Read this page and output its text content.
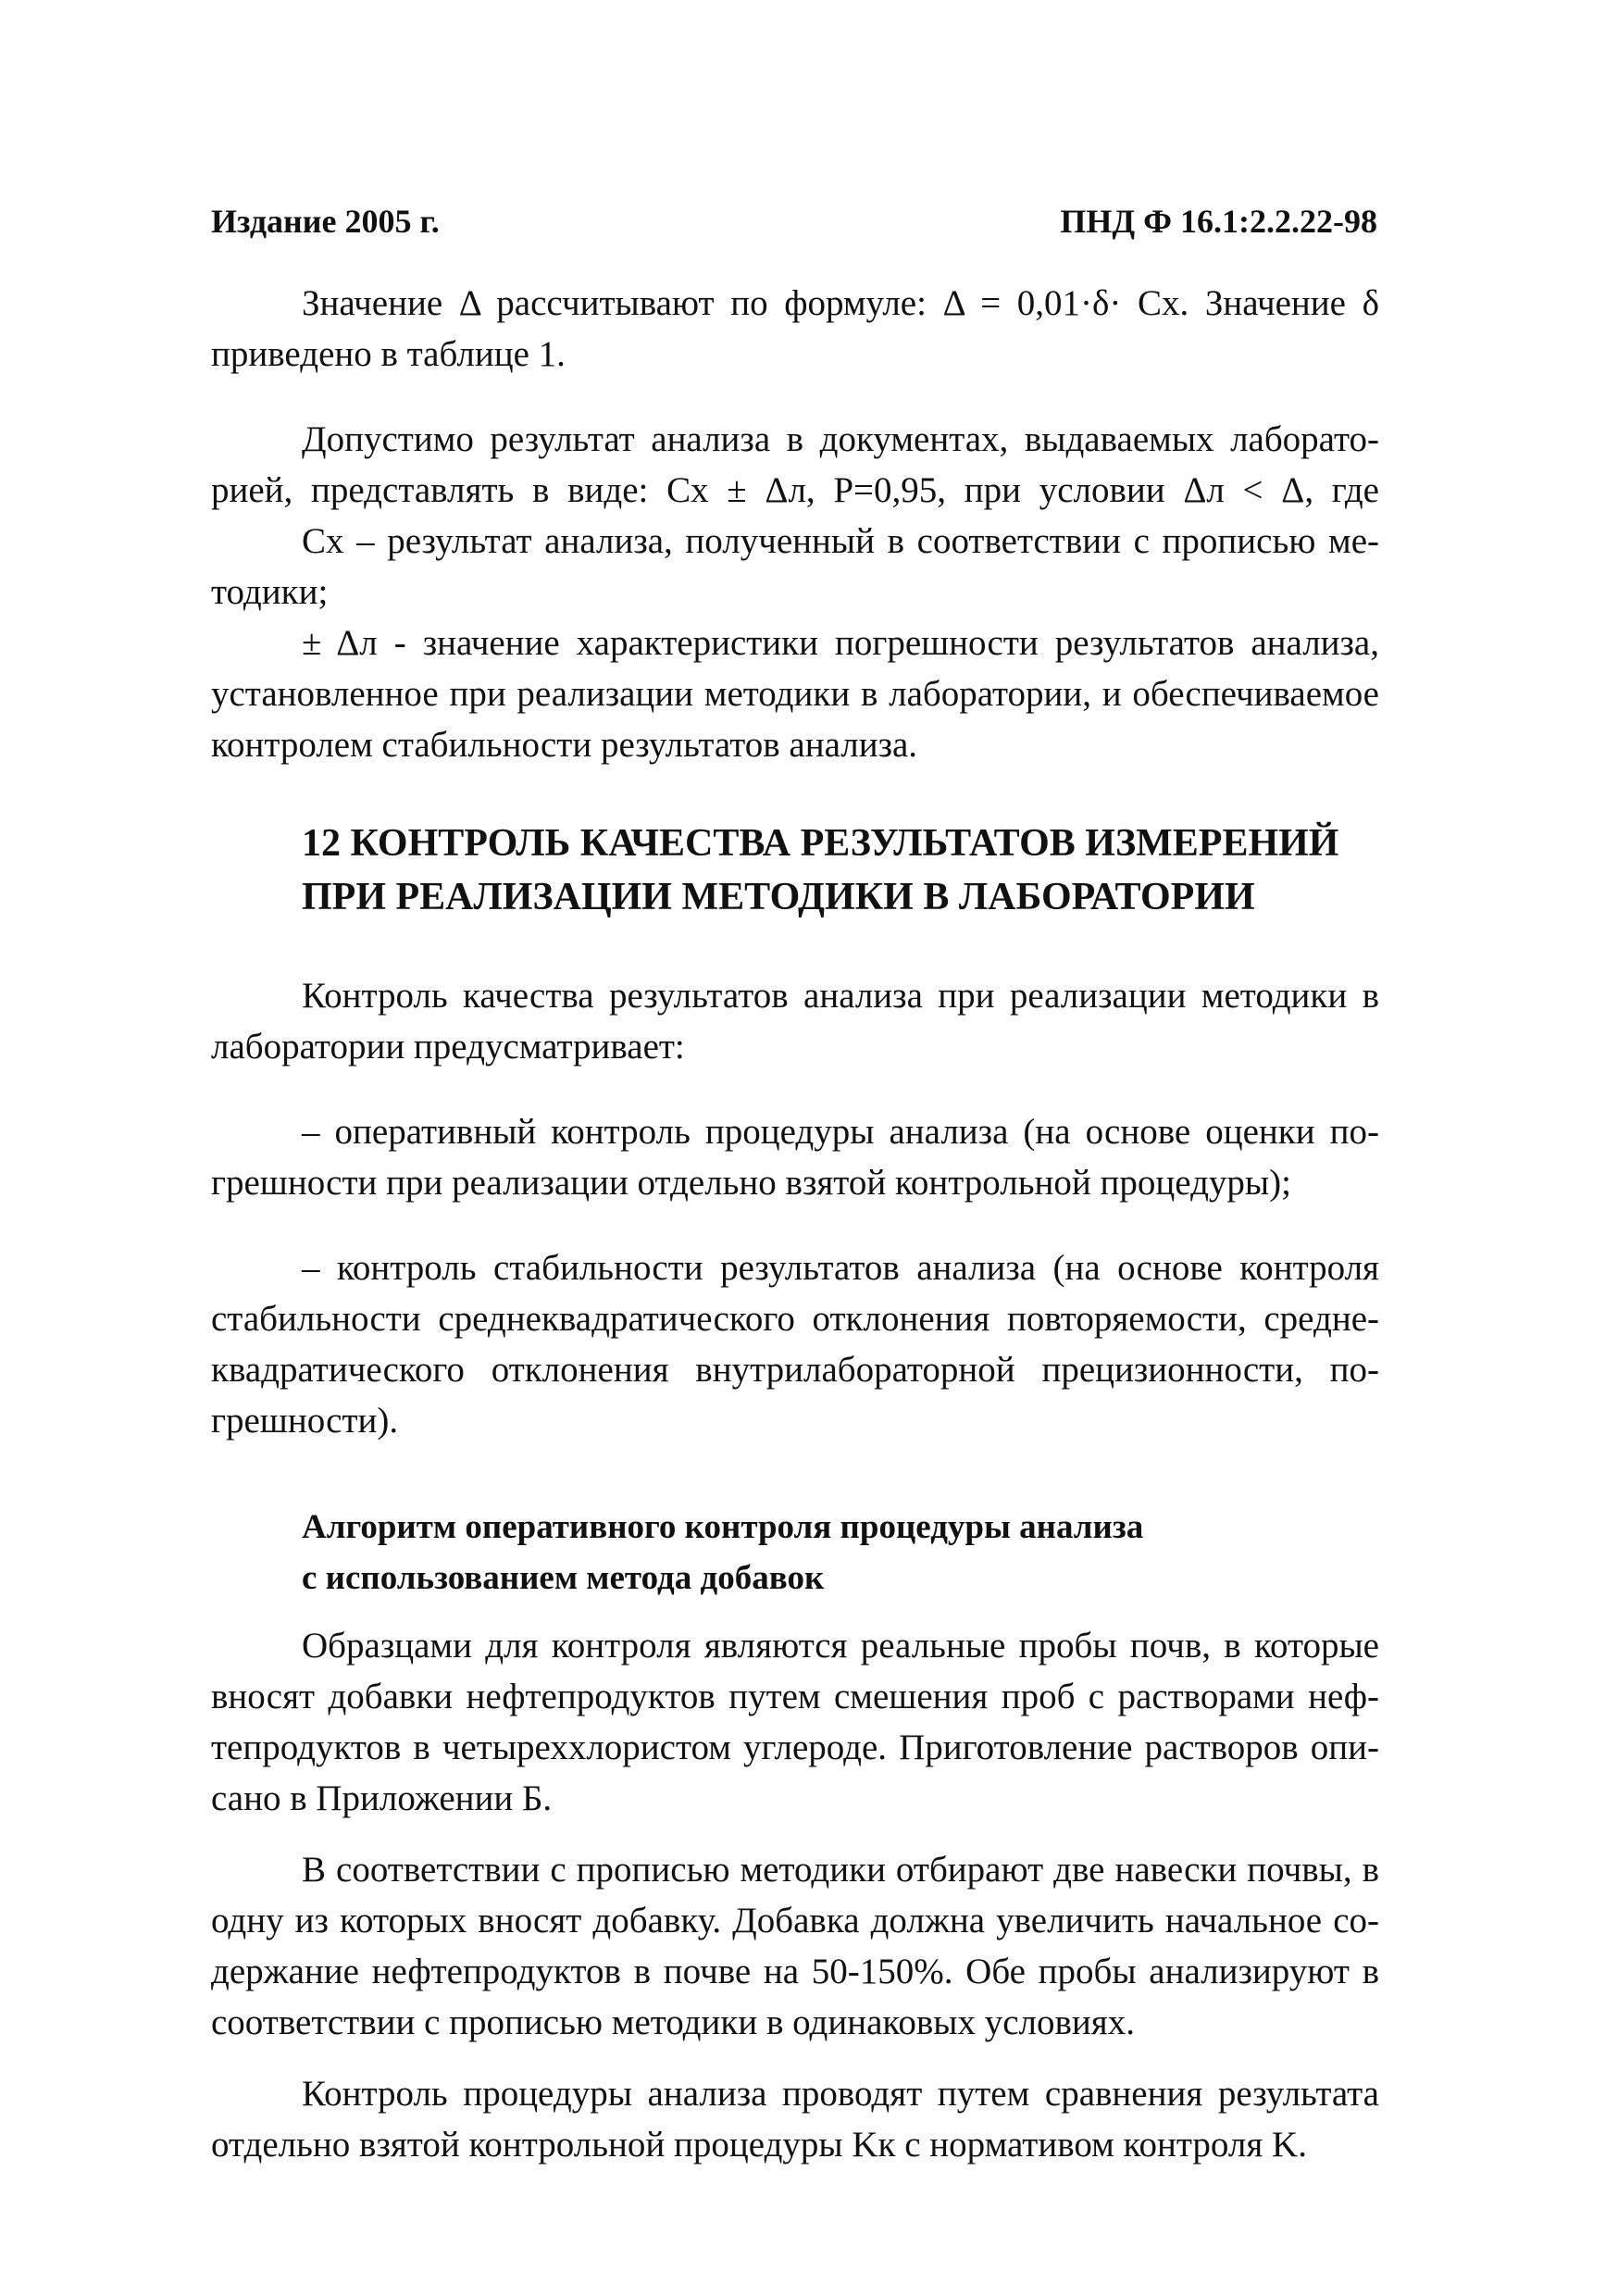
Издание 2005 г.	ПНД Ф 16.1:2.2.22-98
Значение Δ рассчитывают по формуле: Δ = 0,01·δ· Cх. Значение δ
приведено в таблице 1.
Допустимо результат анализа в документах, выдаваемых лаборато-
рией, представлять в виде: Cх ± Δл, P=0,95, при условии Δл < Δ, где
Cх – результат анализа, полученный в соответствии с прописью ме-
тодики;
± Δл - значение характеристики погрешности результатов анализа,
установленное при реализации методики в лаборатории, и обеспечиваемое
контролем стабильности результатов анализа.
12 КОНТРОЛЬ КАЧЕСТВА РЕЗУЛЬТАТОВ ИЗМЕРЕНИЙ
ПРИ РЕАЛИЗАЦИИ МЕТОДИКИ В ЛАБОРАТОРИИ
Контроль качества результатов анализа при реализации методики в
лаборатории предусматривает:
– оперативный контроль процедуры анализа (на основе оценки по-
грешности при реализации отдельно взятой контрольной процедуры);
– контроль стабильности результатов анализа (на основе контроля
стабильности среднеквадратического отклонения повторяемости, средне-
квадратического отклонения внутрилабораторной прецизионности, по-
грешности).
Алгоритм оперативного контроля процедуры анализа
с использованием метода добавок
Образцами для контроля являются реальные пробы почв, в которые
вносят добавки нефтепродуктов путем смешения проб с растворами неф-
тепродуктов в четыреххлористом углероде. Приготовление растворов опи-
сано в Приложении Б.
В соответствии с прописью методики отбирают две навески почвы, в
одну из которых вносят добавку. Добавка должна увеличить начальное со-
держание нефтепродуктов в почве на 50-150%. Обе пробы анализируют в
соответствии с прописью методики в одинаковых условиях.
Контроль процедуры анализа проводят путем сравнения результата
отдельно взятой контрольной процедуры Kк с нормативом контроля K.
